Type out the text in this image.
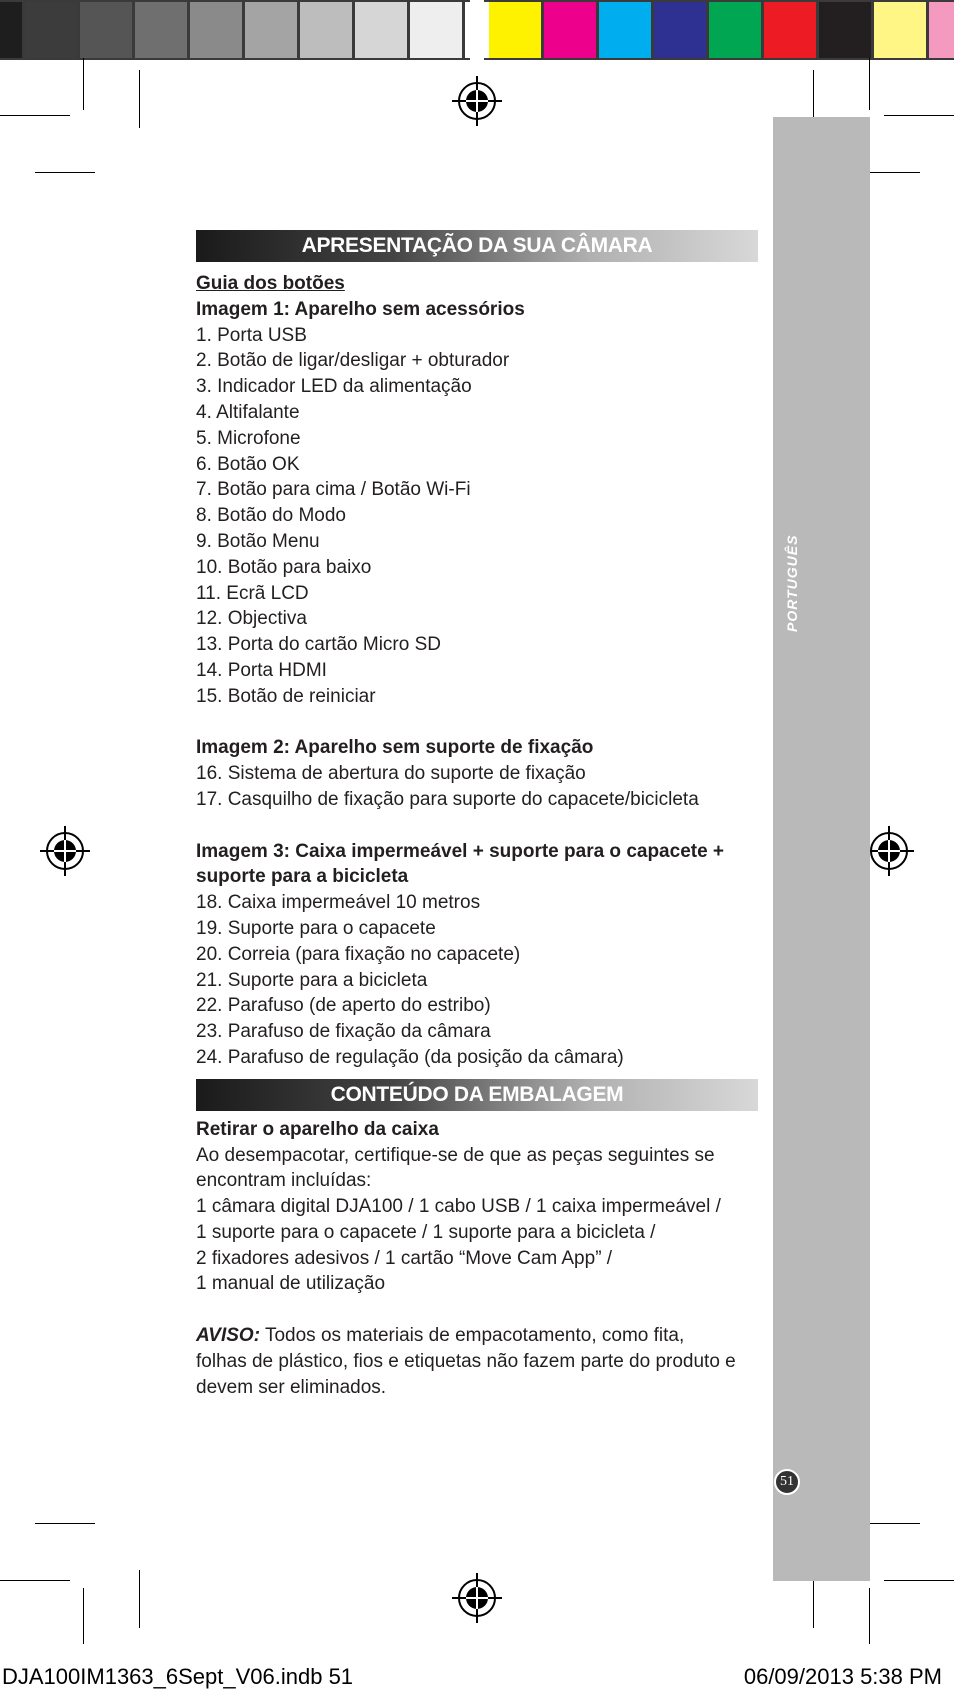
PORTUGUÊS
51
APRESENTAÇÃO DA SUA CÂMARA
Guia dos botões
Imagem 1: Aparelho sem acessórios
1. Porta USB
2. Botão de ligar/desligar + obturador
3. Indicador LED da alimentação
4. Altifalante
5. Microfone
6. Botão OK
7. Botão para cima / Botão Wi-Fi
8. Botão do Modo
9. Botão Menu
10. Botão para baixo
11. Ecrã LCD
12. Objectiva
13. Porta do cartão Micro SD
14. Porta HDMI
15. Botão de reiniciar
Imagem 2: Aparelho sem suporte de fixação
16. Sistema de abertura do suporte de fixação
17. Casquilho de fixação para suporte do capacete/bicicleta
Imagem 3: Caixa impermeável + suporte para o capacete +
suporte para a bicicleta
18. Caixa impermeável 10 metros
19. Suporte para o capacete
20. Correia (para fixação no capacete)
21. Suporte para a bicicleta
22. Parafuso (de aperto do estribo)
23. Parafuso de fixação da câmara
24. Parafuso de regulação (da posição da câmara)
CONTEÚDO DA EMBALAGEM
Retirar o aparelho da caixa
Ao desempacotar, certifique-se de que as peças seguintes se
encontram incluídas:
1 câmara digital DJA100 / 1 cabo USB / 1 caixa impermeável /
1 suporte para o capacete / 1 suporte para a bicicleta /
2 fixadores adesivos / 1 cartão “Move Cam App” /
1 manual de utilização
AVISO: Todos os materiais de empacotamento, como fita,
folhas de plástico, fios e etiquetas não fazem parte do produto e
devem ser eliminados.
DJA100IM1363_6Sept_V06.indb 51	06/09/2013 5:38 PM
